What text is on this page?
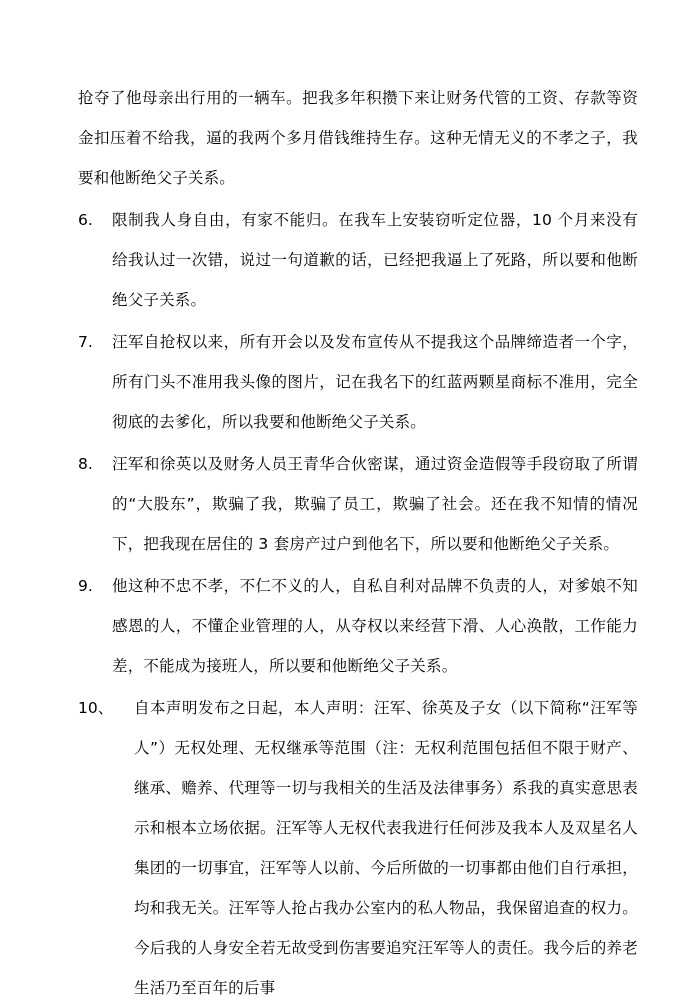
抢夺了他母亲出行用的一辆车。把我多年积攒下来让财务代管的工资、存款等资金扣压着不给我，逼的我两个多月借钱维持生存。这种无情无义的不孝之子，我要和他断绝父子关系。
6.	限制我人身自由，有家不能归。在我车上安装窃听定位器，10 个月来没有给我认过一次错，说过一句道歉的话，已经把我逼上了死路，所以要和他断绝父子关系。
7.	汪军自抢权以来，所有开会以及发布宣传从不提我这个品牌缔造者一个字，所有门头不准用我头像的图片，记在我名下的红蓝两颗星商标不准用，完全彻底的去爹化，所以我要和他断绝父子关系。
8.	汪军和徐英以及财务人员王青华合伙密谋，通过资金造假等手段窃取了所谓的“大股东”，欺骗了我，欺骗了员工，欺骗了社会。还在我不知情的情况下，把我现在居住的 3 套房产过户到他名下，所以要和他断绝父子关系。
9.	他这种不忠不孝，不仁不义的人，自私自利对品牌不负责的人，对爹娘不知感恩的人，不懂企业管理的人，从夺权以来经营下滑、人心涣散，工作能力差，不能成为接班人，所以要和他断绝父子关系。
10、	自本声明发布之日起，本人声明：汪军、徐英及子女（以下简称“汪军等人”）无权处理、无权继承等范围（注：无权利范围包括但不限于财产、继承、赡养、代理等一切与我相关的生活及法律事务）系我的真实意思表示和根本立场依据。汪军等人无权代表我进行任何涉及我本人及双星名人集团的一切事宜，汪军等人以前、今后所做的一切事都由他们自行承担，均和我无关。汪军等人抢占我办公室内的私人物品，我保留追查的权力。今后我的人身安全若无故受到伤害要追究汪军等人的责任。我今后的养老生活乃至百年的后事
